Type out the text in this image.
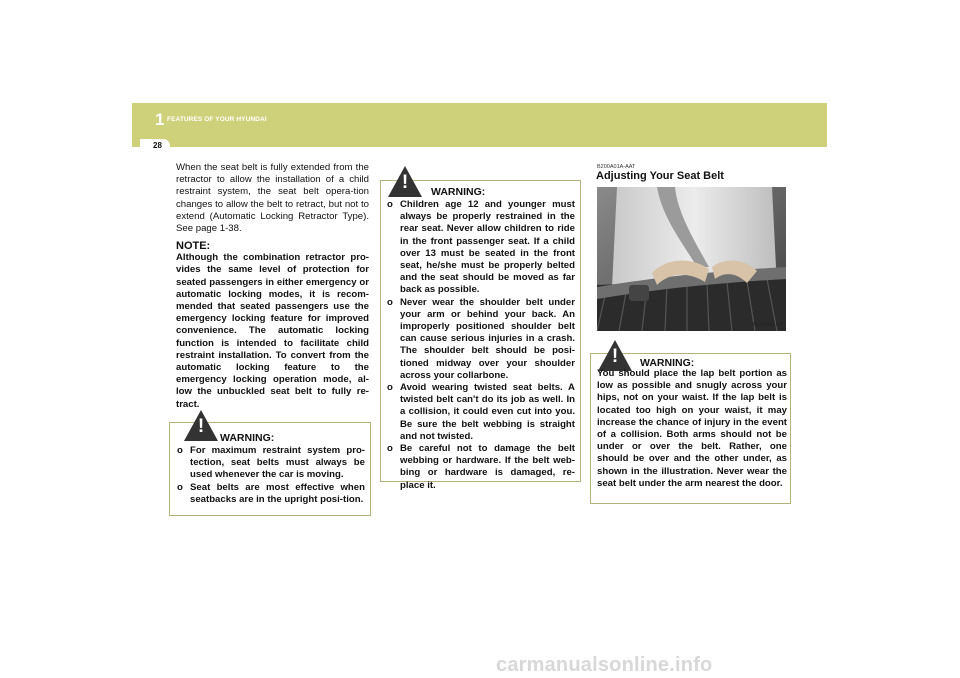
1 FEATURES OF YOUR HYUNDAI
28
When the seat belt is fully extended from the retractor to allow the installation of a child restraint system, the seat belt opera-tion changes to allow the belt to retract, but not to extend (Automatic Locking Retractor Type). See page 1-38.
NOTE:
Although the combination retractor pro-vides the same level of protection for seated passengers in either emergency or automatic locking modes, it is recom-mended that seated passengers use the emergency locking feature for improved convenience. The automatic locking function is intended to facilitate child restraint installation. To convert from the automatic locking feature to the emergency locking operation mode, al-low the unbuckled seat belt to fully re-tract.
!
WARNING:
o For maximum restraint system pro-tection, seat belts must always be used whenever the car is moving.
o Seat belts are most effective when seatbacks are in the upright posi-tion.
! WARNING:
o Children age 12 and younger must always be properly restrained in the rear seat. Never allow children to ride in the front passenger seat. If a child over 13 must be seated in the front seat, he/she must be properly belted and the seat should be moved as far back as possible.
o Never wear the shoulder belt under your arm or behind your back. An improperly positioned shoulder belt can cause serious injuries in a crash. The shoulder belt should be posi-tioned midway over your shoulder across your collarbone.
o Avoid wearing twisted seat belts. A twisted belt can't do its job as well. In a collision, it could even cut into you. Be sure the belt webbing is straight and not twisted.
o Be careful not to damage the belt webbing or hardware. If the belt web-bing or hardware is damaged, re-place it.
B200A01A-AAT
Adjusting Your Seat Belt
B200A01NF
! WARNING:
You should place the lap belt portion as low as possible and snugly across your hips, not on your waist. If the lap belt is located too high on your waist, it may increase the chance of injury in the event of a collision. Both arms should not be under or over the belt. Rather, one should be over and the other under, as shown in the illustration. Never wear the seat belt under the arm nearest the door.
carmanualsonline.info
